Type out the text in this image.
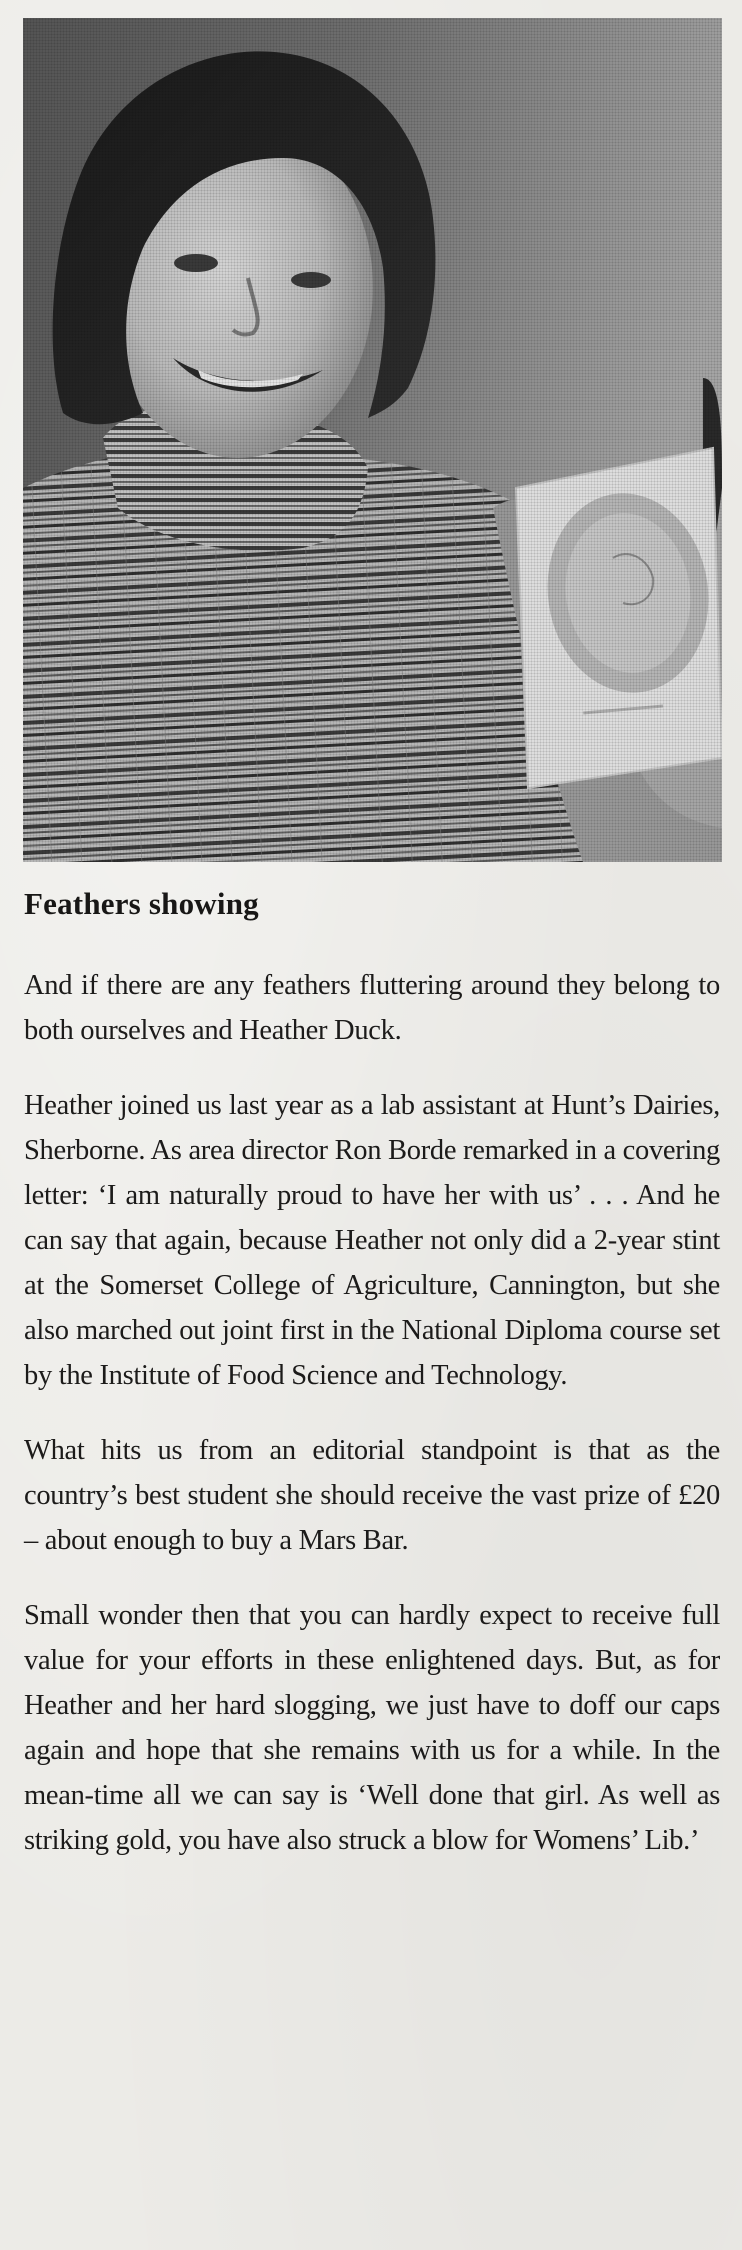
Feathers showing

And if there are any feathers fluttering around they belong to both ourselves and Heather Duck.

Heather joined us last year as a lab assistant at Hunt’s Dairies, Sherborne. As area director Ron Borde remarked in a covering letter: ‘I am naturally proud to have her with us’ . . . And he can say that again, because Heather not only did a 2-year stint at the Somerset College of Agriculture, Cannington, but she also marched out joint first in the National Diploma course set by the Institute of Food Science and Technology.

What hits us from an editorial standpoint is that as the country’s best student she should receive the vast prize of £20 – about enough to buy a Mars Bar.

Small wonder then that you can hardly expect to receive full value for your efforts in these enlightened days. But, as for Heather and her hard slogging, we just have to doff our caps again and hope that she remains with us for a while. In the mean-time all we can say is ‘Well done that girl. As well as striking gold, you have also struck a blow for Womens’ Lib.’
